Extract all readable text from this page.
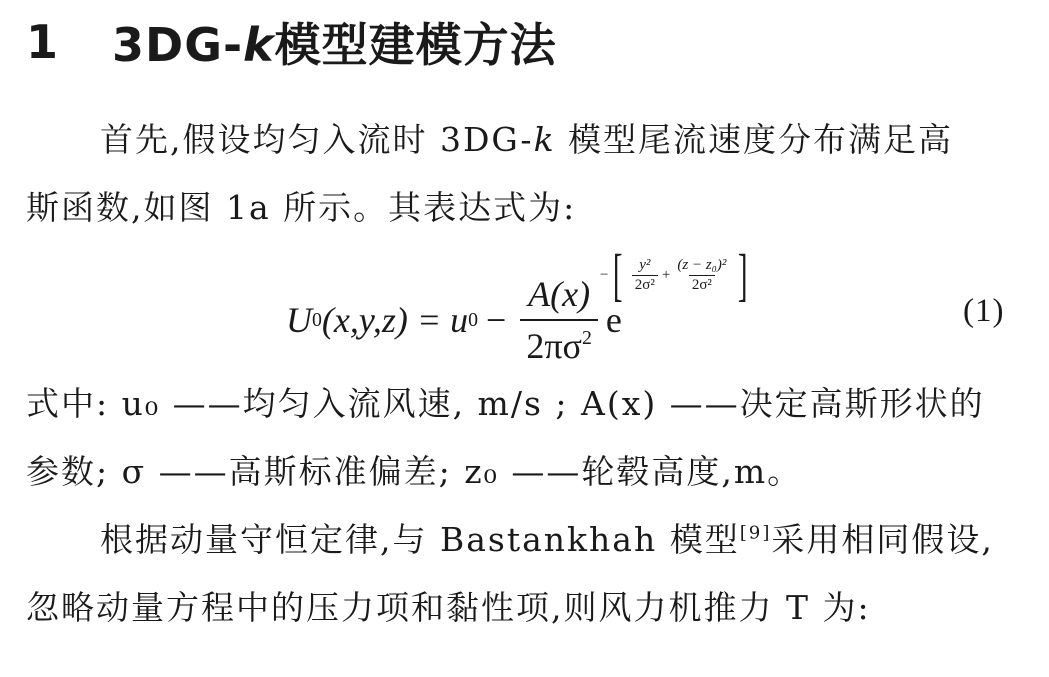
1	3DG-k模型建模方法
首先,假设均匀入流时 3DG-k 模型尾流速度分布满足高
斯函数,如图 1a 所示。其表达式为:
U 0 (x,y,z) = u $0 - \frac{A(x)}{2\pi\sigma^2}$ e
− [ $\frac{\text{y²}}{\text{2σ²}} + \frac{\text{(z − z₀)²}}{\text{2σ²}}$ ]
(1)
式中: u₀ ——均匀入流风速, m/s ; A(x) ——决定高斯形状的
参数; σ ——高斯标准偏差; z₀ ——轮毂高度,m。
根据动量守恒定律,与 Bastankhah 模型[9]采用相同假设,
忽略动量方程中的压力项和黏性项,则风力机推力 T 为:
